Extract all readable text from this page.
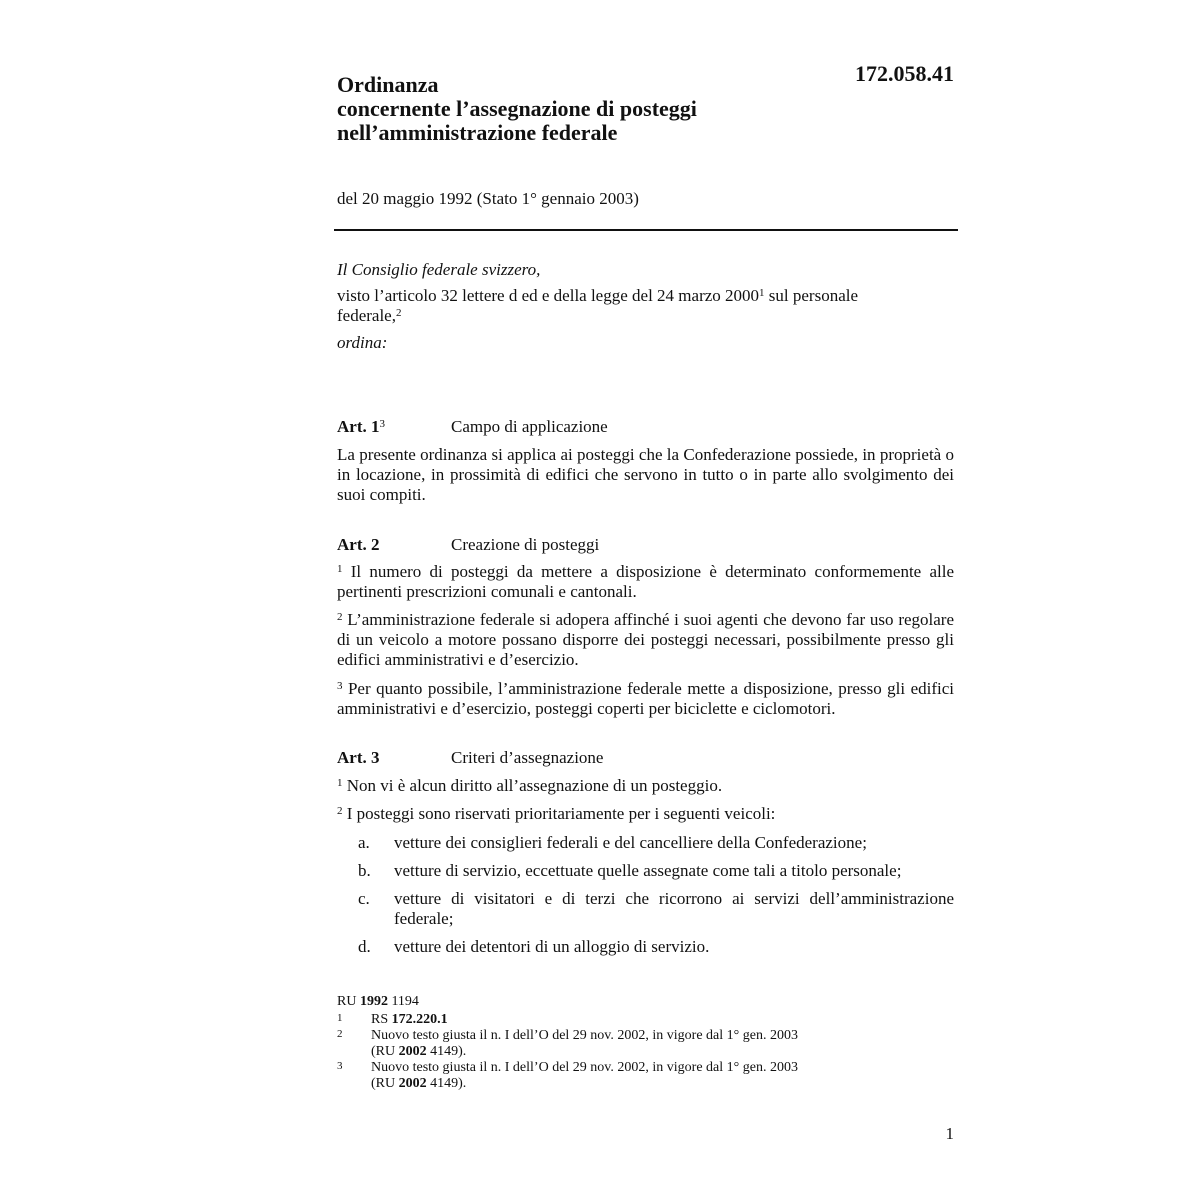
172.058.41
Ordinanza
concernente l’assegnazione di posteggi
nell’amministrazione federale
del 20 maggio 1992 (Stato 1° gennaio 2003)
Il Consiglio federale svizzero,
visto l’articolo 32 lettere d ed e della legge del 24 marzo 2000$^1$ sul personale federale,$^2$
ordina:
Art. $1^3$	Campo di applicazione
La presente ordinanza si applica ai posteggi che la Confederazione possiede, in proprietà o in locazione, in prossimità di edifici che servono in tutto o in parte allo svolgimento dei suoi compiti.
Art. 2	Creazione di posteggi
$^1$ Il numero di posteggi da mettere a disposizione è determinato conformemente alle pertinenti prescrizioni comunali e cantonali.
$^2$ L’amministrazione federale si adopera affinché i suoi agenti che devono far uso regolare di un veicolo a motore possano disporre dei posteggi necessari, possibilmente presso gli edifici amministrativi e d’esercizio.
$^3$ Per quanto possibile, l’amministrazione federale mette a disposizione, presso gli edifici amministrativi e d’esercizio, posteggi coperti per biciclette e ciclomotori.
Art. 3	Criteri d’assegnazione
$^1$ Non vi è alcun diritto all’assegnazione di un posteggio.
$^2$ I posteggi sono riservati prioritariamente per i seguenti veicoli:
a.	vetture dei consiglieri federali e del cancelliere della Confederazione;
b.	vetture di servizio, eccettuate quelle assegnate come tali a titolo personale;
c.	vetture di visitatori e di terzi che ricorrono ai servizi dell’amministrazione federale;
d.	vetture dei detentori di un alloggio di servizio.
RU 1992 1194
1 RS 172.220.1
2 Nuovo testo giusta il n. I dell’O del 29 nov. 2002, in vigore dal 1° gen. 2003
(RU 2002 4149).
3 Nuovo testo giusta il n. I dell’O del 29 nov. 2002, in vigore dal 1° gen. 2003
(RU 2002 4149).
1
